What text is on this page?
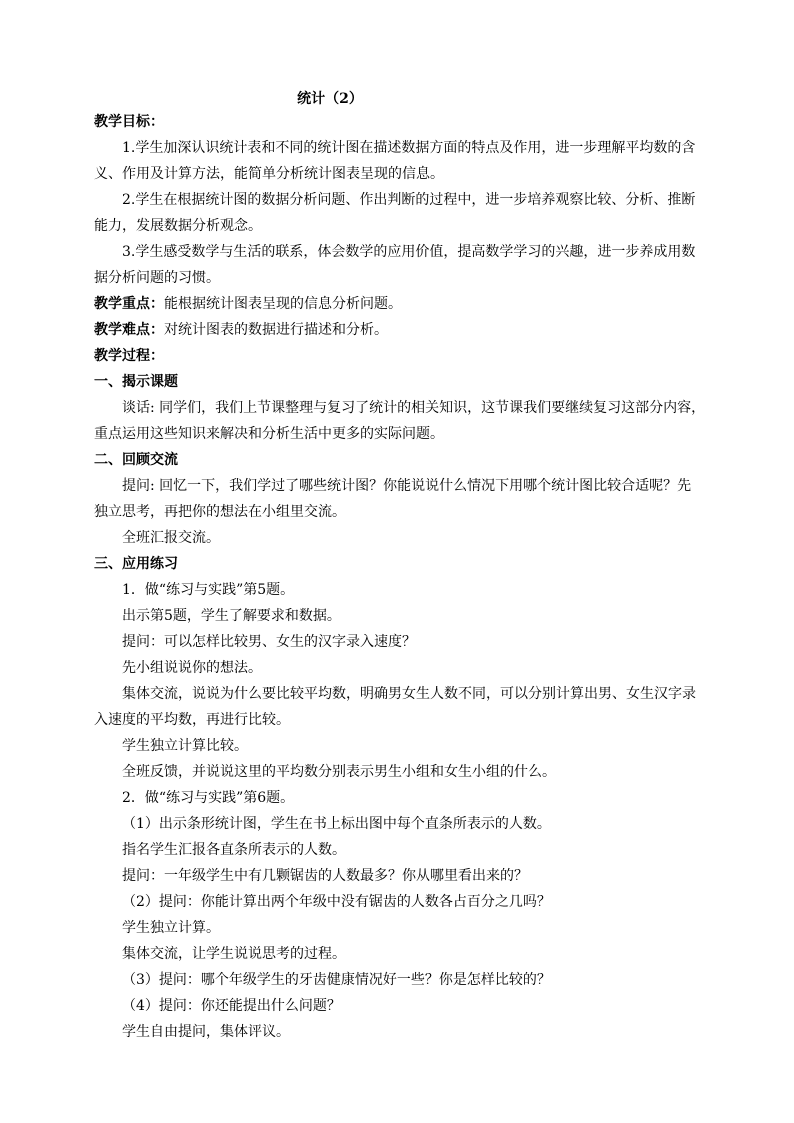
统计（2）
教学目标：
1.学生加深认识统计表和不同的统计图在描述数据方面的特点及作用，进一步理解平均数的含
义、作用及计算方法，能简单分析统计图表呈现的信息。
2.学生在根据统计图的数据分析问题、作出判断的过程中，进一步培养观察比较、分析、推断
能力，发展数据分析观念。
3.学生感受数学与生活的联系，体会数学的应用价值，提高数学学习的兴趣，进一步养成用数
据分析问题的习惯。
教学重点：能根据统计图表呈现的信息分析问题。
教学难点：对统计图表的数据进行描述和分析。
教学过程：
一、揭示课题
谈话: 同学们，我们上节课整理与复习了统计的相关知识，这节课我们要继续复习这部分内容，
重点运用这些知识来解决和分析生活中更多的实际问题。
二、回顾交流
提问: 回忆一下，我们学过了哪些统计图？你能说说什么情况下用哪个统计图比较合适呢？先
独立思考，再把你的想法在小组里交流。
全班汇报交流。
三、应用练习
1．做“练习与实践”第5题。
出示第5题，学生了解要求和数据。
提问：可以怎样比较男、女生的汉字录入速度？
先小组说说你的想法。
集体交流，说说为什么要比较平均数，明确男女生人数不同，可以分别计算出男、女生汉字录
入速度的平均数，再进行比较。
学生独立计算比较。
全班反馈，并说说这里的平均数分别表示男生小组和女生小组的什么。
2．做“练习与实践”第6题。
（1）出示条形统计图，学生在书上标出图中每个直条所表示的人数。
指名学生汇报各直条所表示的人数。
提问：一年级学生中有几颗锯齿的人数最多？你从哪里看出来的？
（2）提问：你能计算出两个年级中没有锯齿的人数各占百分之几吗？
学生独立计算。
集体交流，让学生说说思考的过程。
（3）提问：哪个年级学生的牙齿健康情况好一些？你是怎样比较的？
（4）提问：你还能提出什么问题？
学生自由提问，集体评议。
